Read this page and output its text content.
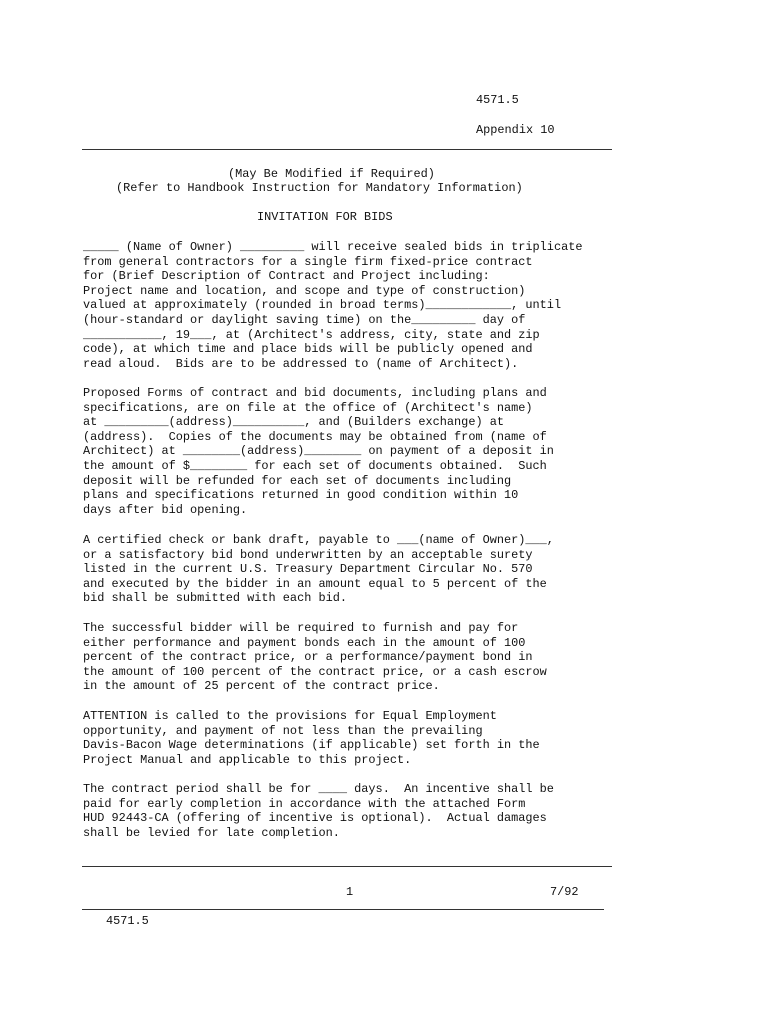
4571.5
Appendix 10
(May Be Modified if Required)
(Refer to Handbook Instruction for Mandatory Information)
INVITATION FOR BIDS
_____ (Name of Owner) _________ will receive sealed bids in triplicate
from general contractors for a single firm fixed-price contract
for (Brief Description of Contract and Project including:
Project name and location, and scope and type of construction)
valued at approximately (rounded in broad terms)____________, until
(hour-standard or daylight saving time) on the_________ day of
___________, 19___, at (Architect's address, city, state and zip
code), at which time and place bids will be publicly opened and
read aloud.  Bids are to be addressed to (name of Architect).
Proposed Forms of contract and bid documents, including plans and
specifications, are on file at the office of (Architect's name)
at _________(address)__________, and (Builders exchange) at
(address).  Copies of the documents may be obtained from (name of
Architect) at ________(address)________ on payment of a deposit in
the amount of $________ for each set of documents obtained.  Such
deposit will be refunded for each set of documents including
plans and specifications returned in good condition within 10
days after bid opening.
A certified check or bank draft, payable to ___(name of Owner)___,
or a satisfactory bid bond underwritten by an acceptable surety
listed in the current U.S. Treasury Department Circular No. 570
and executed by the bidder in an amount equal to 5 percent of the
bid shall be submitted with each bid.
The successful bidder will be required to furnish and pay for
either performance and payment bonds each in the amount of 100
percent of the contract price, or a performance/payment bond in
the amount of 100 percent of the contract price, or a cash escrow
in the amount of 25 percent of the contract price.
ATTENTION is called to the provisions for Equal Employment
opportunity, and payment of not less than the prevailing
Davis-Bacon Wage determinations (if applicable) set forth in the
Project Manual and applicable to this project.
The contract period shall be for ____ days.  An incentive shall be
paid for early completion in accordance with the attached Form
HUD 92443-CA (offering of incentive is optional).  Actual damages
shall be levied for late completion.
1	7/92
4571.5
